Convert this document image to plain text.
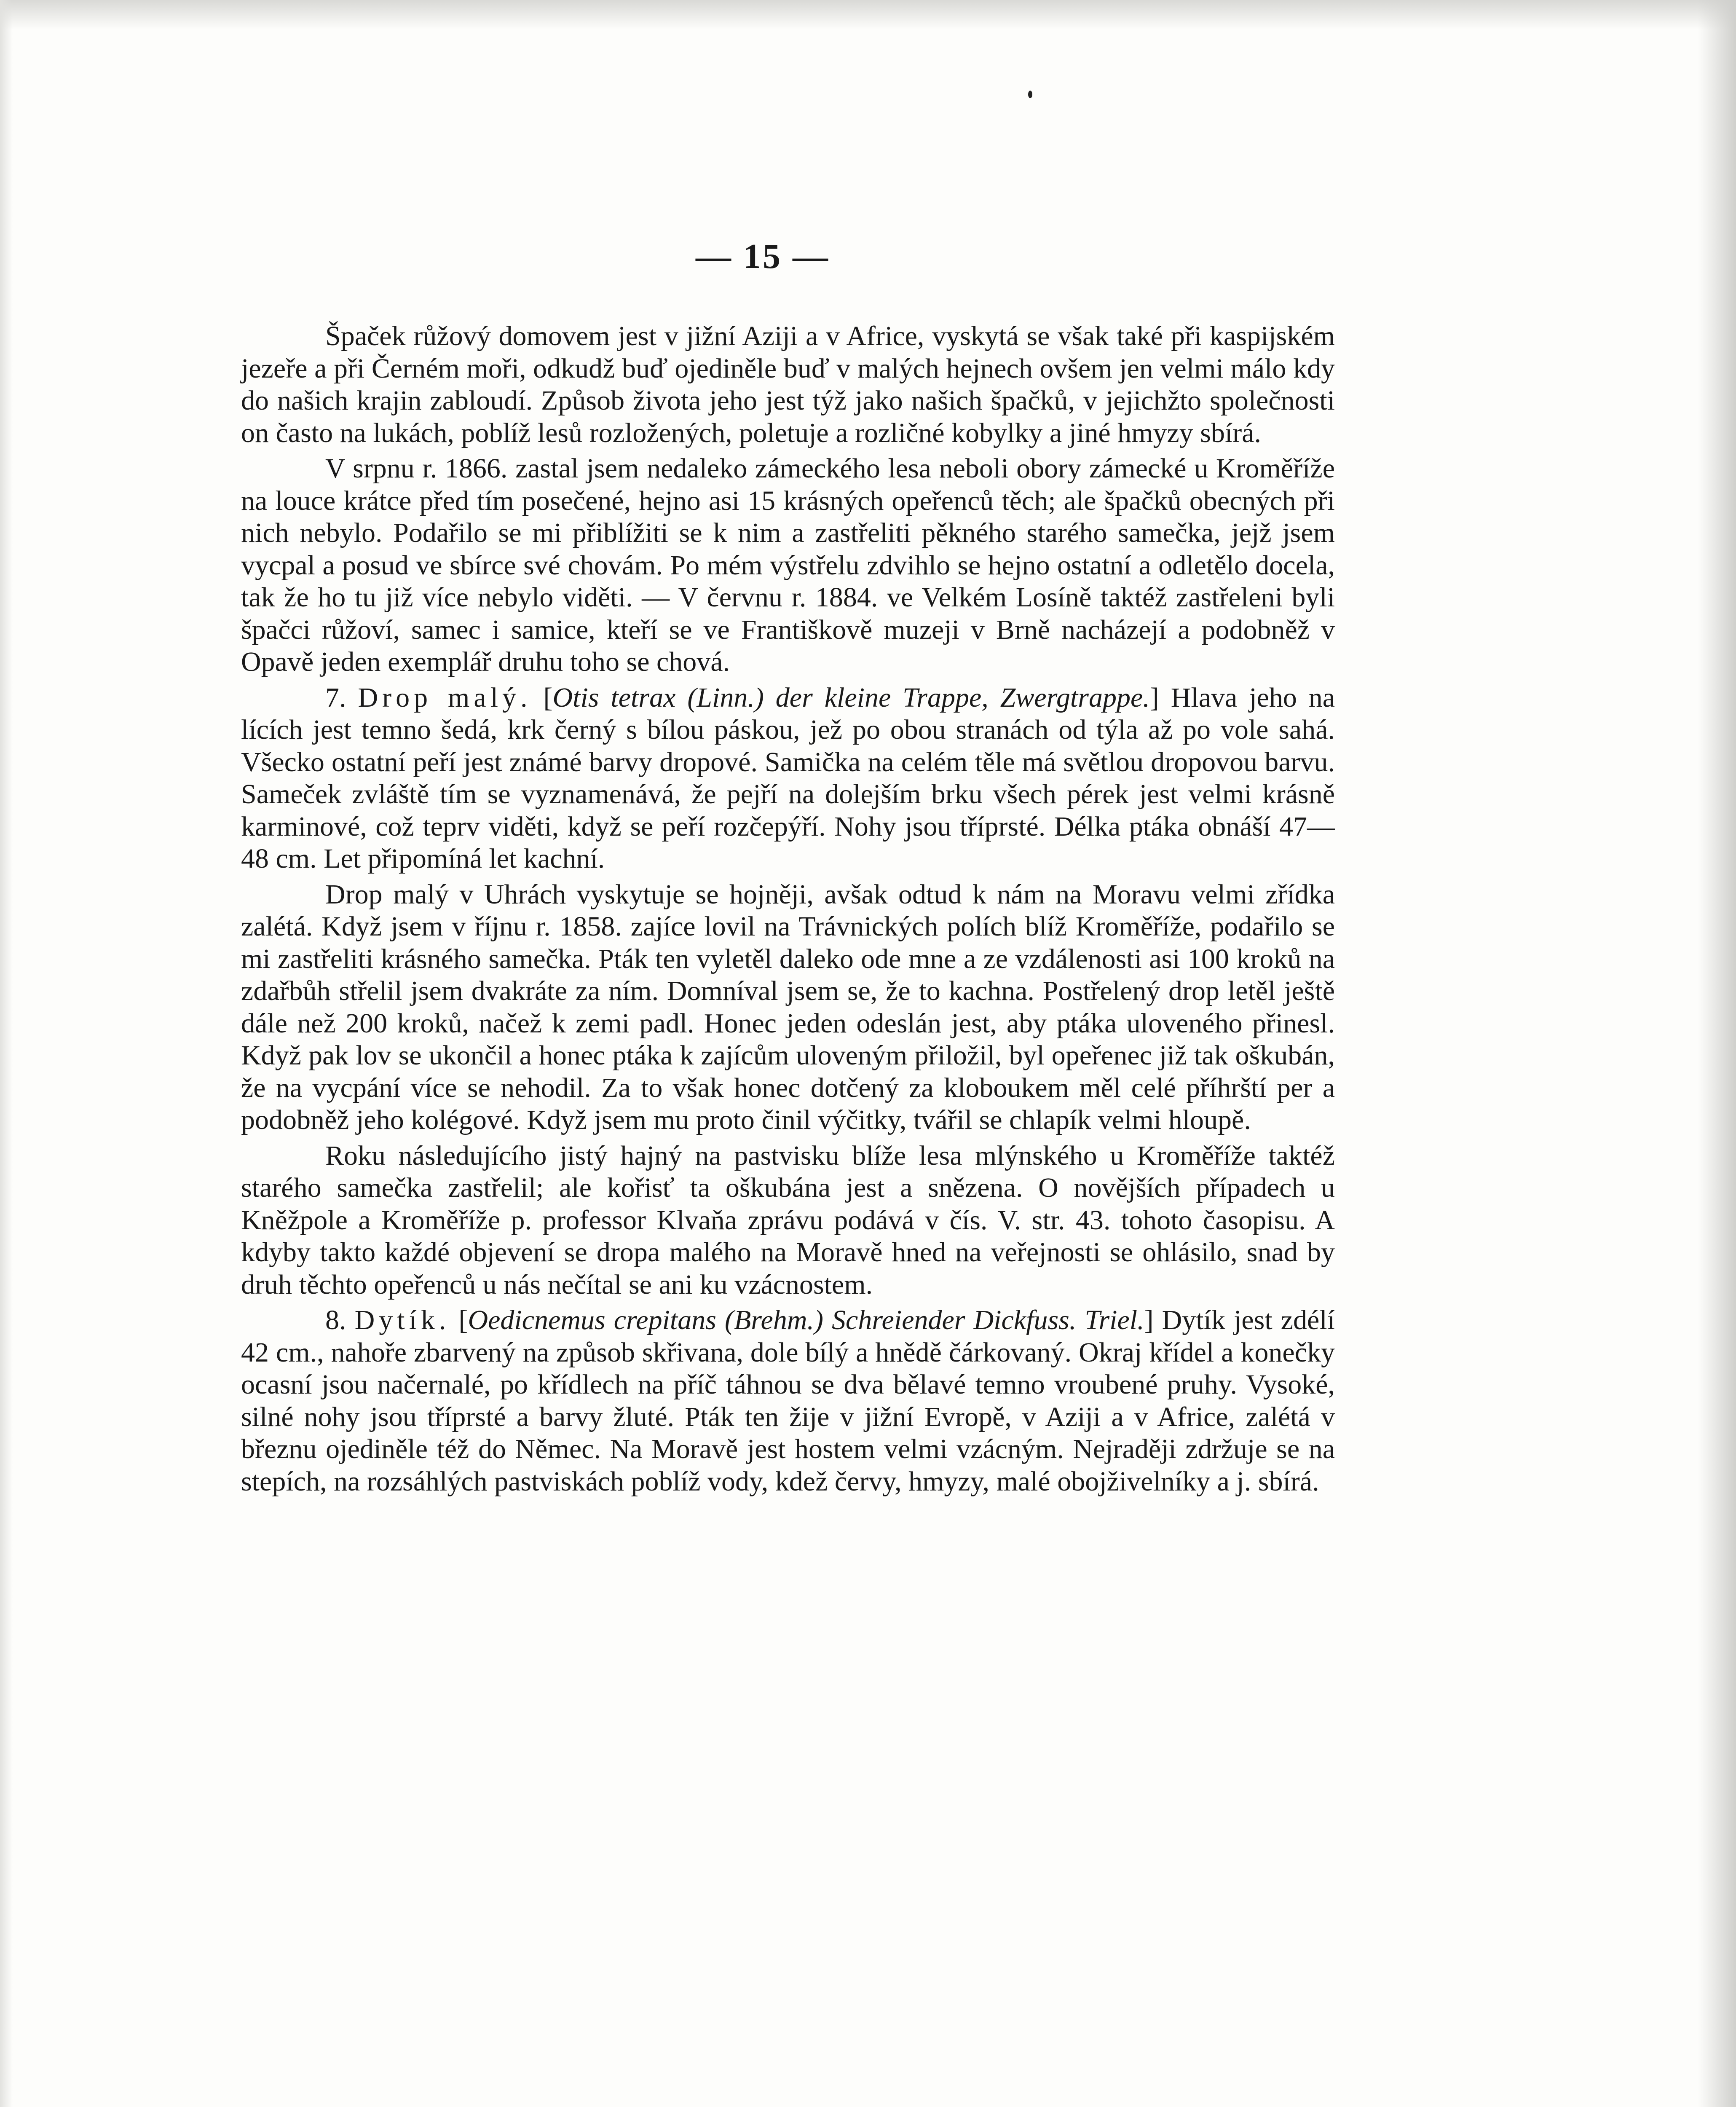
— 15 —

Špaček růžový domovem jest v jižní Aziji a v Africe, vyskytá se však také při kaspijském jezeře a při Černém moři, odkudž buď ojediněle buď v malých hejnech ovšem jen velmi málo kdy do našich krajin zabloudí. Způsob života jeho jest týž jako našich špačků, v jejichžto společnosti on často na lukách, poblíž lesů rozložených, poletuje a rozličné kobylky a jiné hmyzy sbírá.

V srpnu r. 1866. zastal jsem nedaleko zámeckého lesa neboli obory zámecké u Kroměříže na louce krátce před tím posečené, hejno asi 15 krásných opeřenců těch; ale špačků obecných při nich nebylo. Podařilo se mi přiblížiti se k nim a zastřeliti pěkného starého samečka, jejž jsem vycpal a posud ve sbírce své chovám. Po mém výstřelu zdvihlo se hejno ostatní a odletělo docela, tak že ho tu již více nebylo viděti. — V červnu r. 1884. ve Velkém Losíně taktéž zastřeleni byli špačci růžoví, samec i samice, kteří se ve Františkově muzeji v Brně nacházejí a podobněž v Opavě jeden exemplář druhu toho se chová.

7. Drop malý. [Otis tetrax (Linn.) der kleine Trappe, Zwergtrappe.] Hlava jeho na lících jest temno šedá, krk černý s bílou páskou, jež po obou stranách od týla až po vole sahá. Všecko ostatní peří jest známé barvy dropové. Samička na celém těle má světlou dropovou barvu. Sameček zvláště tím se vyznamenává, že pejří na dolejším brku všech pérek jest velmi krásně karminové, což teprv viděti, když se peří rozčepýří. Nohy jsou tříprsté. Délka ptáka obnáší 47—48 cm. Let připomíná let kachní.

Drop malý v Uhrách vyskytuje se hojněji, avšak odtud k nám na Moravu velmi zřídka zalétá. Když jsem v říjnu r. 1858. zajíce lovil na Trávnických polích blíž Kroměříže, podařilo se mi zastřeliti krásného samečka. Pták ten vyletěl daleko ode mne a ze vzdálenosti asi 100 kroků na zdařbůh střelil jsem dvakráte za ním. Domníval jsem se, že to kachna. Postřelený drop letěl ještě dále než 200 kroků, načež k zemi padl. Honec jeden odeslán jest, aby ptáka uloveného přinesl. Když pak lov se ukončil a honec ptáka k zajícům uloveným přiložil, byl opeřenec již tak oškubán, že na vycpání více se nehodil. Za to však honec dotčený za kloboukem měl celé příhrští per a podobněž jeho kolégové. Když jsem mu proto činil výčitky, tvářil se chlapík velmi hloupě.

Roku následujícího jistý hajný na pastvisku blíže lesa mlýnského u Kroměříže taktéž starého samečka zastřelil; ale kořisť ta oškubána jest a snězena. O novějších případech u Kněžpole a Kroměříže p. professor Klvaňa zprávu podává v čís. V. str. 43. tohoto časopisu. A kdyby takto každé objevení se dropa malého na Moravě hned na veřejnosti se ohlásilo, snad by druh těchto opeřenců u nás nečítal se ani ku vzácnostem.

8. Dytík. [Oedicnemus crepitans (Brehm.) Schreiender Dickfuss. Triel.] Dytík jest zdélí 42 cm., nahoře zbarvený na způsob skřivana, dole bílý a hnědě čárkovaný. Okraj křídel a konečky ocasní jsou načernalé, po křídlech na příč táhnou se dva bělavé temno vroubené pruhy. Vysoké, silné nohy jsou tříprsté a barvy žluté. Pták ten žije v jižní Evropě, v Aziji a v Africe, zalétá v březnu ojediněle též do Němec. Na Moravě jest hostem velmi vzácným. Nejraději zdržuje se na stepích, na rozsáhlých pastviskách poblíž vody, kdež červy, hmyzy, malé obojživelníky a j. sbírá.
